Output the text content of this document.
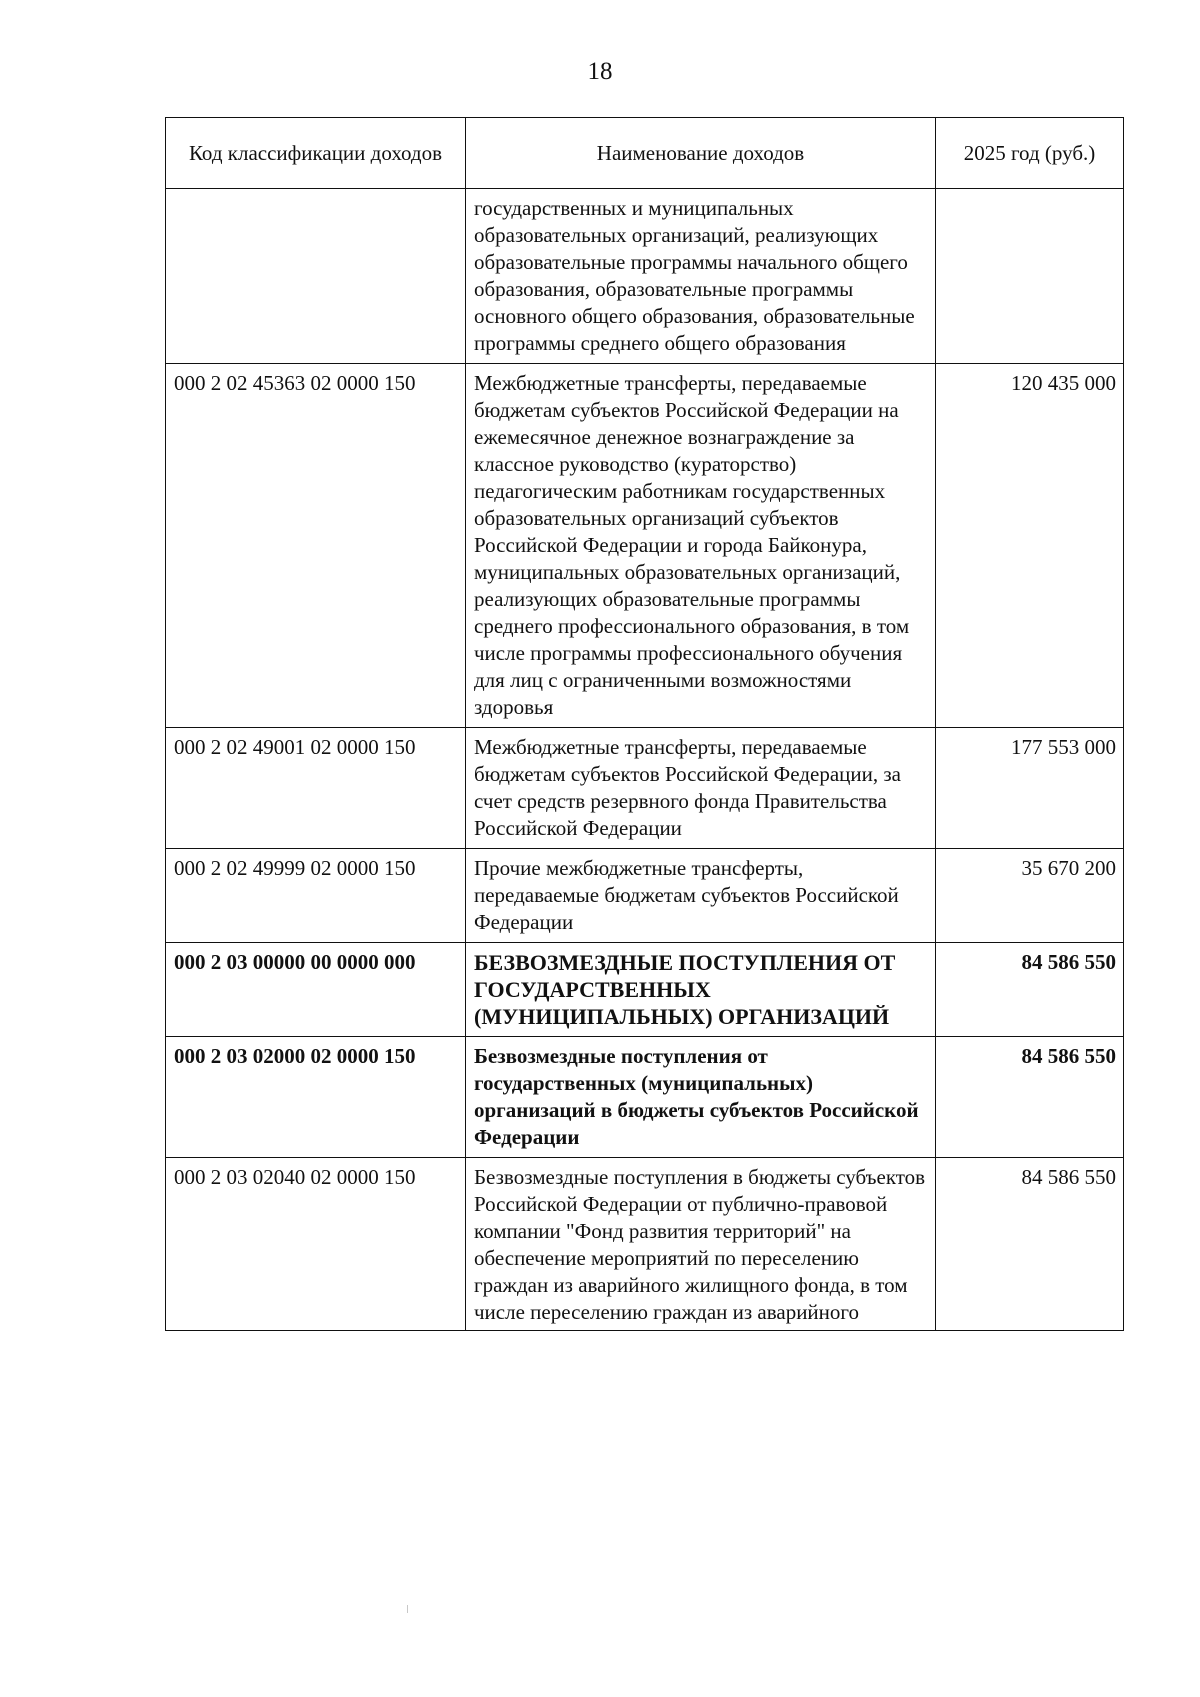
18
Код классификации доходов	Наименование доходов	2025 год (руб.)
	государственных и муниципальных образовательных организаций, реализующих образовательные программы начального общего образования, образовательные программы основного общего образования, образовательные программы среднего общего образования	
000 2 02 45363 02 0000 150	Межбюджетные трансферты, передаваемые бюджетам субъектов Российской Федерации на ежемесячное денежное вознаграждение за классное руководство (кураторство) педагогическим работникам государственных образовательных организаций субъектов Российской Федерации и города Байконура, муниципальных образовательных организаций, реализующих образовательные программы среднего профессионального образования, в том числе программы профессионального обучения для лиц с ограниченными возможностями здоровья	120 435 000
000 2 02 49001 02 0000 150	Межбюджетные трансферты, передаваемые бюджетам субъектов Российской Федерации, за счет средств резервного фонда Правительства Российской Федерации	177 553 000
000 2 02 49999 02 0000 150	Прочие межбюджетные трансферты, передаваемые бюджетам субъектов Российской Федерации	35 670 200
000 2 03 00000 00 0000 000	БЕЗВОЗМЕЗДНЫЕ ПОСТУПЛЕНИЯ ОТ ГОСУДАРСТВЕННЫХ (МУНИЦИПАЛЬНЫХ) ОРГАНИЗАЦИЙ	84 586 550
000 2 03 02000 02 0000 150	Безвозмездные поступления от государственных (муниципальных) организаций в бюджеты субъектов Российской Федерации	84 586 550
000 2 03 02040 02 0000 150	Безвозмездные поступления в бюджеты субъектов Российской Федерации от публично-правовой компании "Фонд развития территорий" на обеспечение мероприятий по переселению граждан из аварийного жилищного фонда, в том числе переселению граждан из аварийного	84 586 550
